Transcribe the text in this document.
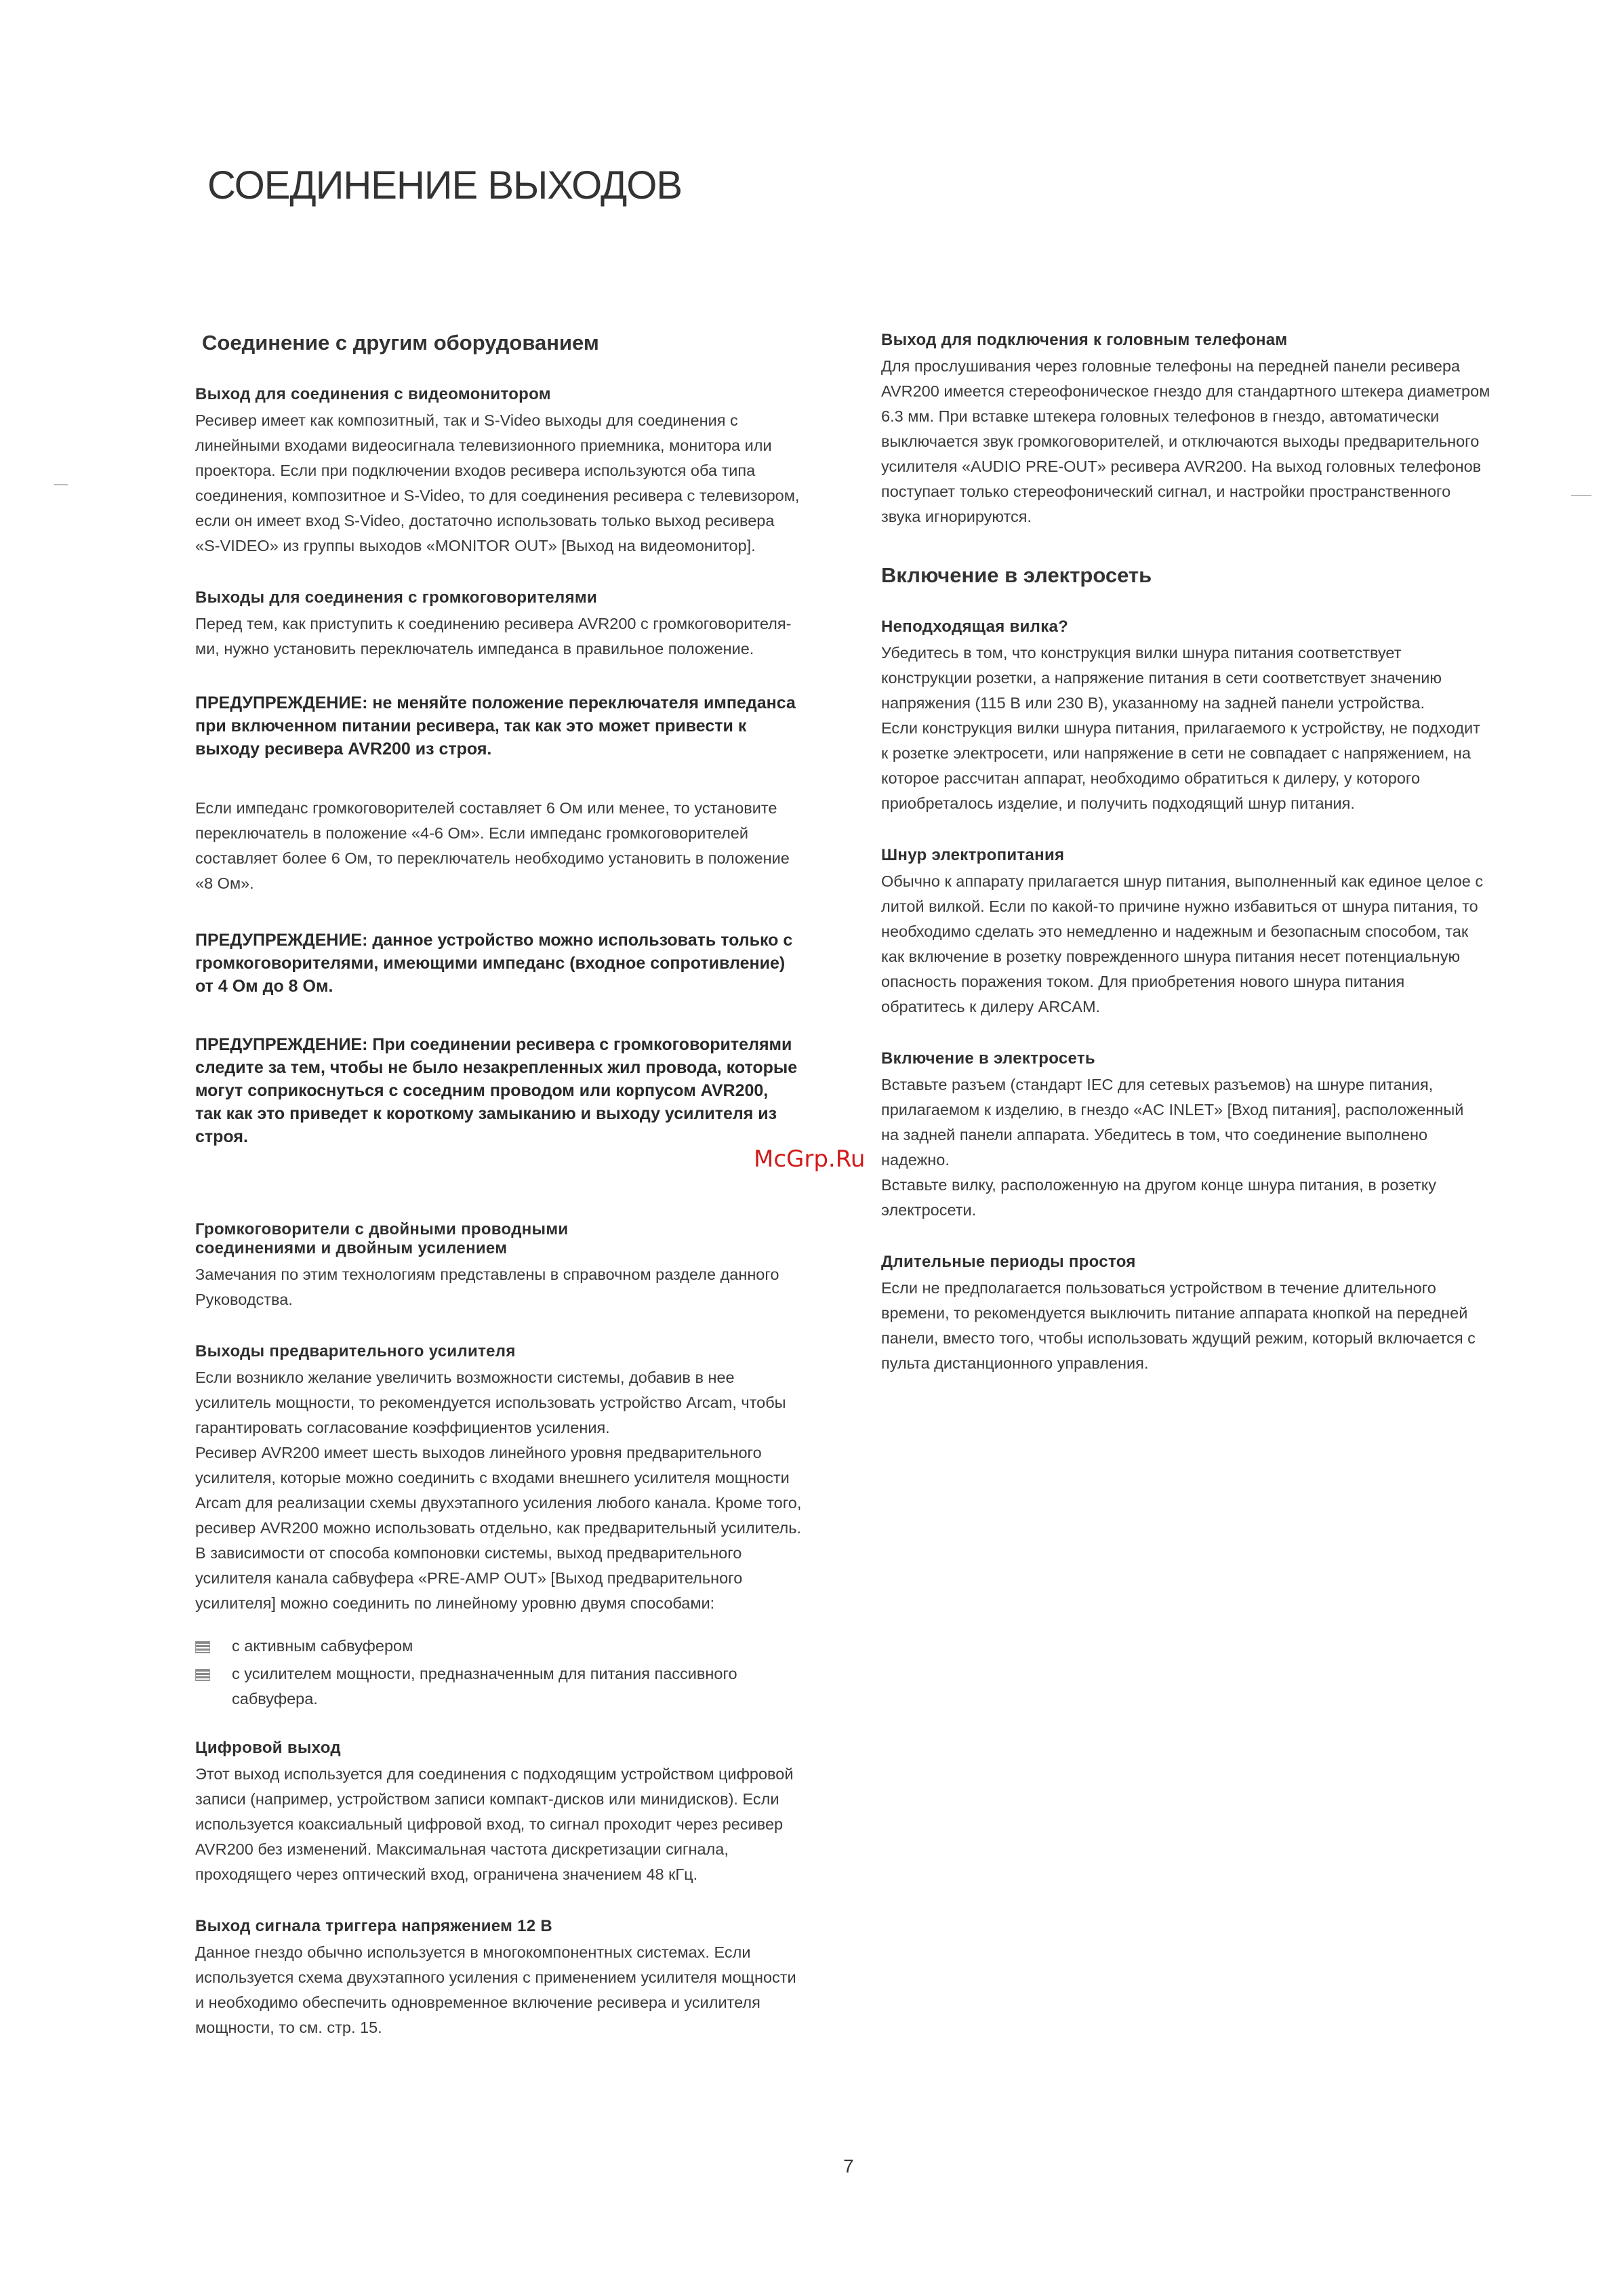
СОЕДИНЕНИЕ ВЫХОДОВ
Соединение с другим оборудованием
Выход для соединения с видеомонитором

Ресивер имеет как композитный, так и S-Video выходы для соединения с
линейными входами видеосигнала телевизионного приемника, монитора или
проектора. Если при подключении входов ресивера используются оба типа
соединения, композитное и S-Video, то для соединения ресивера с телевизором,
если он имеет вход S-Video, достаточно использовать только выход ресивера
«S-VIDEO» из группы выходов «MONITOR OUT» [Выход на видеомонитор].

Выходы для соединения с громкоговорителями

Перед тем, как приступить к соединению ресивера AVR200 с громкоговорителя-
ми, нужно установить переключатель импеданса в правильное положение.

ПРЕДУПРЕЖДЕНИЕ: не меняйте положение переключателя импеданса
при включенном питании ресивера, так как это может привести к
выходу ресивера AVR200 из строя.

Если импеданс громкоговорителей составляет 6 Ом или менее, то установите
переключатель в положение «4-6 Ом». Если импеданс громкоговорителей
составляет более 6 Ом, то переключатель необходимо установить в положение
«8 Ом».

ПРЕДУПРЕЖДЕНИЕ: данное устройство можно использовать только с
громкоговорителями, имеющими импеданс (входное сопротивление)
от 4 Ом до 8 Ом.

ПРЕДУПРЕЖДЕНИЕ: При соединении ресивера с громкоговорителями
следите за тем, чтобы не было незакрепленных жил провода, которые
могут соприкоснуться с соседним проводом или корпусом AVR200,
так как это приведет к короткому замыканию и выходу усилителя из
строя.

Громкоговорители с двойными проводными
соединениями и двойным усилением

Замечания по этим технологиям представлены в справочном разделе данного
Руководства.

Выходы предварительного усилителя

Если возникло желание увеличить возможности системы, добавив в нее
усилитель мощности, то рекомендуется использовать устройство Arcam, чтобы
гарантировать согласование коэффициентов усиления.
Ресивер AVR200 имеет шесть выходов линейного уровня предварительного
усилителя, которые можно соединить с входами внешнего усилителя мощности
Arcam для реализации схемы двухэтапного усиления любого канала. Кроме того,
ресивер AVR200 можно использовать отдельно, как предварительный усилитель.
В зависимости от способа компоновки системы, выход предварительного
усилителя канала сабвуфера «PRE-AMP OUT» [Выход предварительного
усилителя] можно соединить по линейному уровню двумя способами:

с активным сабвуфером
с усилителем мощности, предназначенным для питания пассивного
сабвуфера.
Цифровой выход

Этот выход используется для соединения с подходящим устройством цифровой
записи (например, устройством записи компакт-дисков или минидисков). Если
используется коаксиальный цифровой вход, то сигнал проходит через ресивер
AVR200 без изменений. Максимальная частота дискретизации сигнала,
проходящего через оптический вход, ограничена значением 48 кГц.

Выход сигнала триггера напряжением 12 В

Данное гнездо обычно используется в многокомпонентных системах. Если
используется схема двухэтапного усиления с применением усилителя мощности
и необходимо обеспечить одновременное включение ресивера и усилителя
мощности, то см. стр. 15.

Выход для подключения к головным телефонам

Для прослушивания через головные телефоны на передней панели ресивера
AVR200 имеется стереофоническое гнездо для стандартного штекера диаметром
6.3 мм. При вставке штекера головных телефонов в гнездо, автоматически
выключается звук громкоговорителей, и отключаются выходы предварительного
усилителя «AUDIO PRE-OUT» ресивера AVR200. На выход головных телефонов
поступает только стереофонический сигнал, и настройки пространственного
звука игнорируются.

Включение в электросеть
Неподходящая вилка?

Убедитесь в том, что конструкция вилки шнура питания соответствует
конструкции розетки, а напряжение питания в сети соответствует значению
напряжения (115 В или 230 В), указанному на задней панели устройства.
Если конструкция вилки шнура питания, прилагаемого к устройству, не подходит
к розетке электросети, или напряжение в сети не совпадает с напряжением, на
которое рассчитан аппарат, необходимо обратиться к дилеру, у которого
приобреталось изделие, и получить подходящий шнур питания.

Шнур электропитания

Обычно к аппарату прилагается шнур питания, выполненный как единое целое с
литой вилкой. Если по какой-то причине нужно избавиться от шнура питания, то
необходимо сделать это немедленно и надежным и безопасным способом, так
как включение в розетку поврежденного шнура питания несет потенциальную
опасность поражения током. Для приобретения нового шнура питания
обратитесь к дилеру ARCAM.

Включение в электросеть

Вставьте разъем (стандарт IEC для сетевых разъемов) на шнуре питания,
прилагаемом к изделию, в гнездо «AC INLET» [Вход питания], расположенный
на задней панели аппарата. Убедитесь в том, что соединение выполнено
надежно.
Вставьте вилку, расположенную на другом конце шнура питания, в розетку
электросети.

Длительные периоды простоя

Если не предполагается пользоваться устройством в течение длительного
времени, то рекомендуется выключить питание аппарата кнопкой на передней
панели, вместо того, чтобы использовать ждущий режим, который включается с
пульта дистанционного управления.

McGrp.Ru
7
